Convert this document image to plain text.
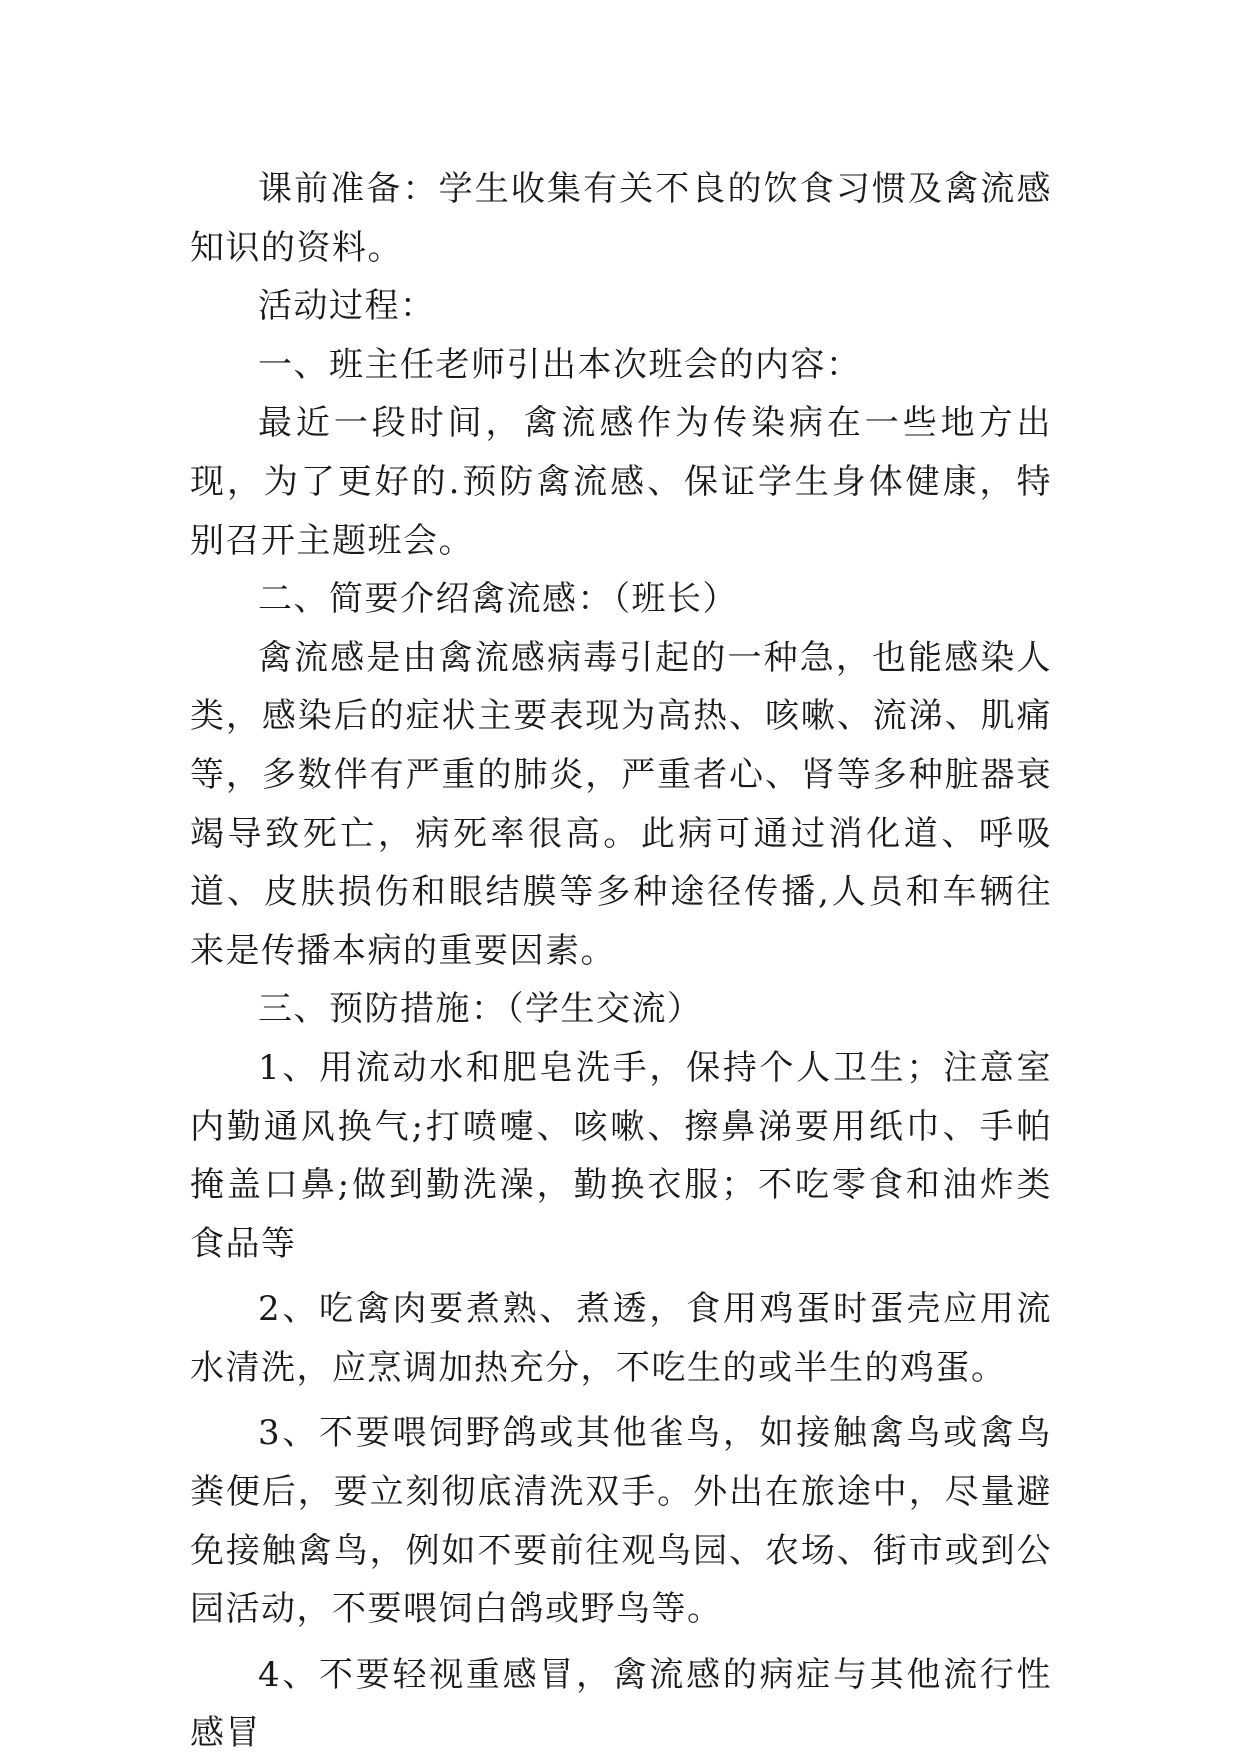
课前准备：学生收集有关不良的饮食习惯及禽流感知识的资料。

活动过程：

一、班主任老师引出本次班会的内容：

最近一段时间，禽流感作为传染病在一些地方出现，为了更好的.预防禽流感、保证学生身体健康，特别召开主题班会。

二、简要介绍禽流感：（班长）

禽流感是由禽流感病毒引起的一种急，也能感染人类，感染后的症状主要表现为高热、咳嗽、流涕、肌痛等，多数伴有严重的肺炎，严重者心、肾等多种脏器衰竭导致死亡，病死率很高。此病可通过消化道、呼吸道、皮肤损伤和眼结膜等多种途径传播,人员和车辆往来是传播本病的重要因素。

三、预防措施：（学生交流）

1、用流动水和肥皂洗手，保持个人卫生；注意室内勤通风换气;打喷嚏、咳嗽、擦鼻涕要用纸巾、手帕掩盖口鼻;做到勤洗澡，勤换衣服；不吃零食和油炸类食品等

2、吃禽肉要煮熟、煮透，食用鸡蛋时蛋壳应用流水清洗，应烹调加热充分，不吃生的或半生的鸡蛋。

3、不要喂饲野鸽或其他雀鸟，如接触禽鸟或禽鸟粪便后，要立刻彻底清洗双手。外出在旅途中，尽量避免接触禽鸟，例如不要前往观鸟园、农场、街市或到公园活动，不要喂饲白鸽或野鸟等。

4、不要轻视重感冒，禽流感的病症与其他流行性感冒
